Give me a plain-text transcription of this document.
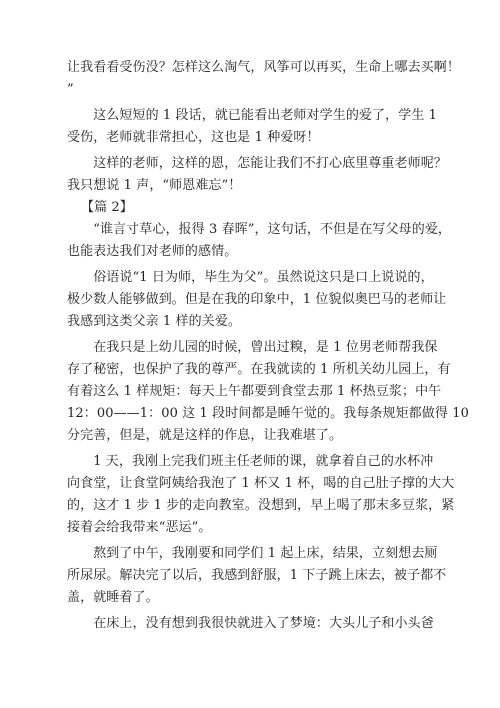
让我看看受伤没？怎样这么淘气，风筝可以再买，生命上哪去买啊！
”
　　这么短短的 1 段话，就已能看出老师对学生的爱了，学生 1
受伤，老师就非常担心，这也是 1 种爱呀！
　　这样的老师，这样的恩，怎能让我们不打心底里尊重老师呢？
我只想说 1 声，“师恩难忘”！
【篇 2】
　　“谁言寸草心，报得 3 春晖”，这句话，不但是在写父母的爱，
也能表达我们对老师的感情。
　　俗语说“1 日为师，毕生为父”。虽然说这只是口上说说的，
极少数人能够做到。但是在我的印象中，1 位貌似奥巴马的老师让
我感到这类父亲 1 样的关爱。
　　在我只是上幼儿园的时候，曾出过糗，是 1 位男老师帮我保
存了秘密，也保护了我的尊严。在我就读的 1 所机关幼儿园上，有
有着这么 1 样规矩：每天上午都要到食堂去那 1 杯热豆浆；中午
12：00——1：00 这 1 段时间都是睡午觉的。我每条规矩都做得 10
分完善，但是，就是这样的作息，让我难堪了。
　　1 天，我刚上完我们班主任老师的课，就拿着自己的水杯冲
向食堂，让食堂阿姨给我泡了 1 杯又 1 杯，喝的自己肚子撑的大大
的，这才 1 步 1 步的走向教室。没想到，早上喝了那末多豆浆，紧
接着会给我带来“恶运”。
　　熬到了中午，我刚要和同学们 1 起上床，结果，立刻想去厕
所尿尿。解决完了以后，我感到舒服，1 下子跳上床去，被子都不
盖，就睡着了。
　　在床上，没有想到我很快就进入了梦境：大头儿子和小头爸
